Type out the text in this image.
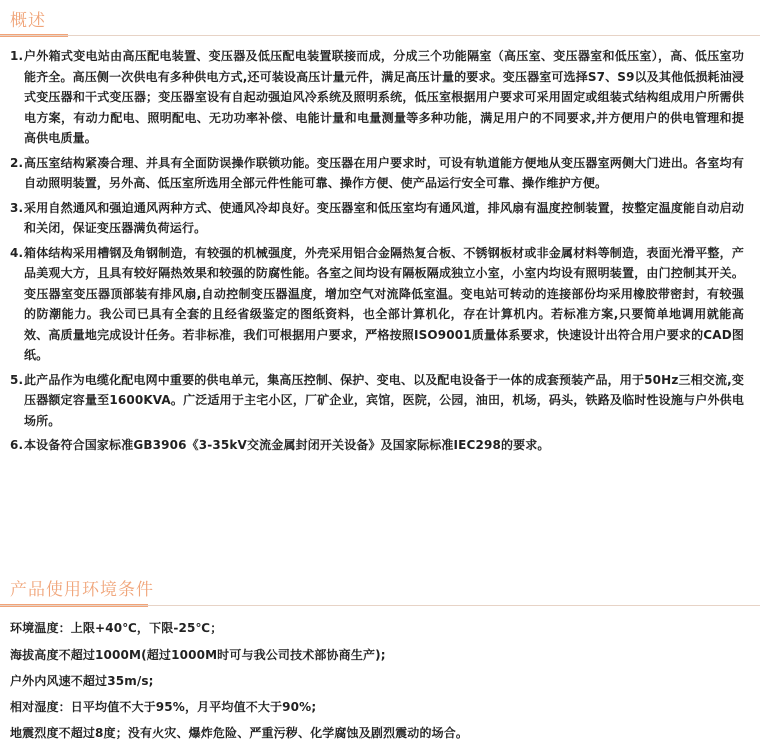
概述
1. 户外箱式变电站由高压配电装置、变压器及低压配电装置联接而成，分成三个功能隔室（高压室、变压器室和低压室），高、低压室功能齐全。高压侧一次供电有多种供电方式,还可装设高压计量元件，满足高压计量的要求。变压器室可选择S7、S9以及其他低损耗油浸式变压器和干式变压器；变压器室设有自起动强迫风冷系统及照明系统，低压室根据用户要求可采用固定或组装式结构组成用户所需供电方案，有动力配电、照明配电、无功功率补偿、电能计量和电量测量等多种功能，满足用户的不同要求,并方便用户的供电管理和提高供电质量。
2. 高压室结构紧凑合理、并具有全面防误操作联锁功能。变压器在用户要求时，可设有轨道能方便地从变压器室两侧大门进出。各室均有自动照明装置，另外高、低压室所选用全部元件性能可靠、操作方便、使产品运行安全可靠、操作维护方便。
3. 采用自然通风和强迫通风两种方式、使通风冷却良好。变压器室和低压室均有通风道，排风扇有温度控制装置，按整定温度能自动启动和关闭，保证变压器满负荷运行。
4. 箱体结构采用槽钢及角钢制造，有较强的机械强度，外壳采用铝合金隔热复合板、不锈钢板材或非金属材料等制造，表面光滑平整，产品美观大方，且具有较好隔热效果和较强的防腐性能。各室之间均设有隔板隔成独立小室，小室内均设有照明装置，由门控制其开关。变压器室变压器顶部装有排风扇,自动控制变压器温度，增加空气对流降低室温。变电站可转动的连接部份均采用橡胶带密封，有较强的防潮能力。我公司已具有全套的且经省级鉴定的图纸资料，也全部计算机化，存在计算机内。若标准方案,只要简单地调用就能高效、高质量地完成设计任务。若非标准，我们可根据用户要求，严格按照ISO9001质量体系要求，快速设计出符合用户要求的CAD图纸。
5. 此产品作为电缆化配电网中重要的供电单元，集高压控制、保护、变电、以及配电设备于一体的成套预装产品，用于50Hz三相交流,变压器额定容量至1600KVA。广泛适用于主宅小区，厂矿企业，宾馆，医院，公园，油田，机场，码头，铁路及临时性设施与户外供电场所。
6. 本设备符合国家标准GB3906《3-35kV交流金属封闭开关设备》及国家际标准IEC298的要求。
产品使用环境条件
环境温度：上限+40℃，下限-25℃；
海拔高度不超过1000M(超过1000M时可与我公司技术部协商生产);
户外内风速不超过35m/s;
相对湿度：日平均值不大于95%，月平均值不大于90%;
地震烈度不超过8度；没有火灾、爆炸危险、严重污秽、化学腐蚀及剧烈震动的场合。
